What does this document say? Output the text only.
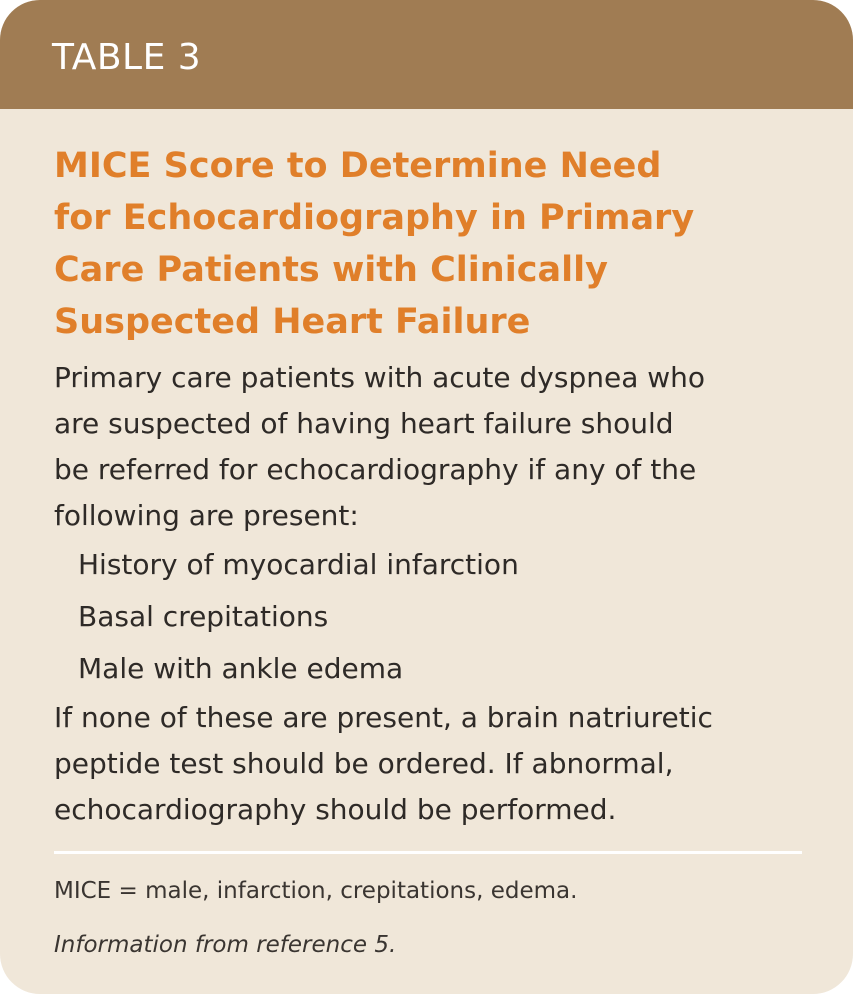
TABLE 3
MICE Score to Determine Need
for Echocardiography in Primary
Care Patients with Clinically
Suspected Heart Failure
Primary care patients with acute dyspnea who
are suspected of having heart failure should
be referred for echocardiography if any of the
following are present:
History of myocardial infarction
Basal crepitations
Male with ankle edema
If none of these are present, a brain natriuretic
peptide test should be ordered. If abnormal,
echocardiography should be performed.
MICE = male, infarction, crepitations, edema.
Information from reference 5.
